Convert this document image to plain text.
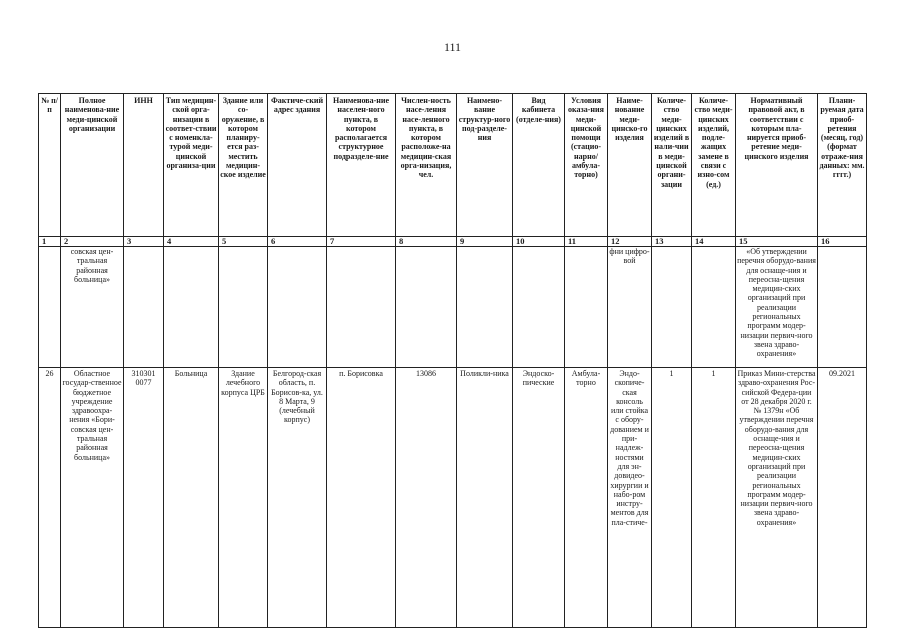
111
№ п/п	Полное наименова-ние меди-цинской организации	ИНН	Тип медицин-ской орга-низации в соответ-ствии с номенкла-турой меди-цинской организа-ции	Здание или со-оружение, в котором планиру-ется раз-местить медицин-ское изделие	Фактиче-ский адрес здания	Наименова-ние населен-ного пункта, в котором располагается структурное подразделе-ние	Числен-ность насе-ления насе-ленного пункта, в котором расположе-на медицин-ская орга-низация, чел.	Наимено-вание структур-ного под-разделе-ния	Вид кабинета (отделе-ния)	Условия оказа-ния меди-цинской помощи (стацио-нарно/ амбула-торно)	Наиме-нование меди-цинско-го изделия	Количе-ство меди-цинских изделий в нали-чии в меди-цинской органи-зации	Количе-ство меди-цинских изделий, подле-жащих замене в связи с изно-сом (ед.)	Нормативный правовой акт, в соответствии с которым пла-нируется приоб-ретение меди-цинского изделия	Плани-руемая дата приоб-ретения (месяц, год) (формат отраже-ния данных: мм. гггг.)
1	2	3	4	5	6	7	8	9	10	11	12	13	14	15	16
	совская цен-тральная районная больница»										фни цифро-вой			«Об утверждении перечня оборудо-вания для оснаще-ния и переосна-щения медицин-ских организаций при реализации региональных программ модер-низации первич-ного звена здраво-охранения»	
26	Областное государ-ственное бюджетное учреждение здравоохра-нения «Бори-совская цен-тральная районная больница»	310301 0077	Больница	Здание лечебного корпуса ЦРБ	Белгород-ская область, п. Борисов-ка, ул. 8 Марта, 9 (лечебный корпус)	п. Борисовка	13086	Поликли-ника	Эндоско-пические	Амбула-торно	Эндо-скопиче-ская консоль или стойка с обору-дованием и при-надлеж-ностями для эн-довидео-хирургии и набо-ром инстру-ментов для пла-стиче-	1	1	Приказ Мини-стерства здраво-охранения Рос-сийской Федера-ции от 28 декабря 2020 г. № 1379н «Об утверждении перечня оборудо-вания для оснаще-ния и переосна-щения медицин-ских организаций при реализации региональных программ модер-низации первич-ного звена здраво-охранения»	09.2021
